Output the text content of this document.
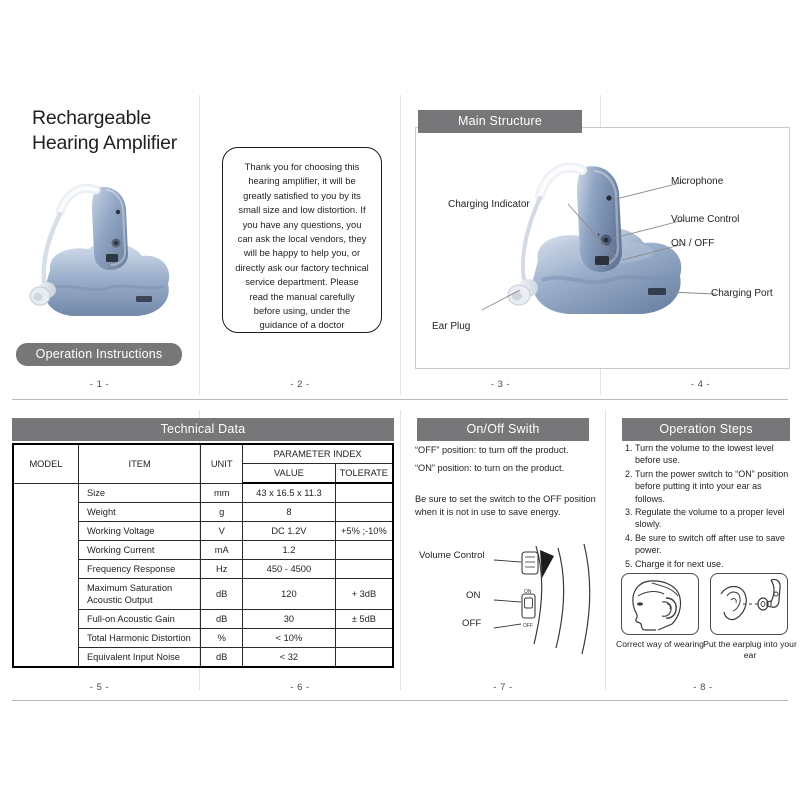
Rechargeable
Hearing Amplifier
Operation Instructions
- 1 -
Thank you for choosing this hearing amplifier, it will be greatly satisfied to you by its small size and low distortion. If you have any questions, you can ask the local vendors, they will be happy to help you, or directly ask our factory technical service department. Please read the manual carefully before using, under the guidance of a doctor
- 2 -
+
Charging Indicator
Microphone
Volume Control
ON / OFF
Ear Plug
Charging Port
Main Structure
- 3 -	- 4 -
Technical Data
MODEL	ITEM	UNIT	PARAMETER INDEX	
			VALUE	TOLERATE
	Size	mm	43 x 16.5 x 11.3	
	Weight	g	8	
	Working Voltage	V	DC 1.2V	+5% ;-10%
	Working Current	mA	1.2	
	Frequency Response	Hz	450 - 4500	
	Maximum Saturation Acoustic Output	dB	120	+ 3dB
	Full-on Acoustic Gain	dB	30	± 5dB
	Total Harmonic Distortion	%	< 10%	
	Equivalent Input Noise	dB	< 32	
- 5 -	- 6 -
On/Off Swith
“OFF” position: to turn off the product.
“ON” position: to turn on the product.
Be sure to set the switch to the OFF position when it is not in use to save energy.
ON
OFF
Volume Control
ON
OFF
- 7 -
Operation Steps
1. Turn the volume to the lowest level before use.
2. Turn the power switch to “ON” position before putting it into your ear as follows.
3. Regulate the volume to a proper level slowly.
4. Be sure to switch off after use to save power.
5. Charge it for next use.
Correct way of wearing Put the earplug into your ear
- 8 -
